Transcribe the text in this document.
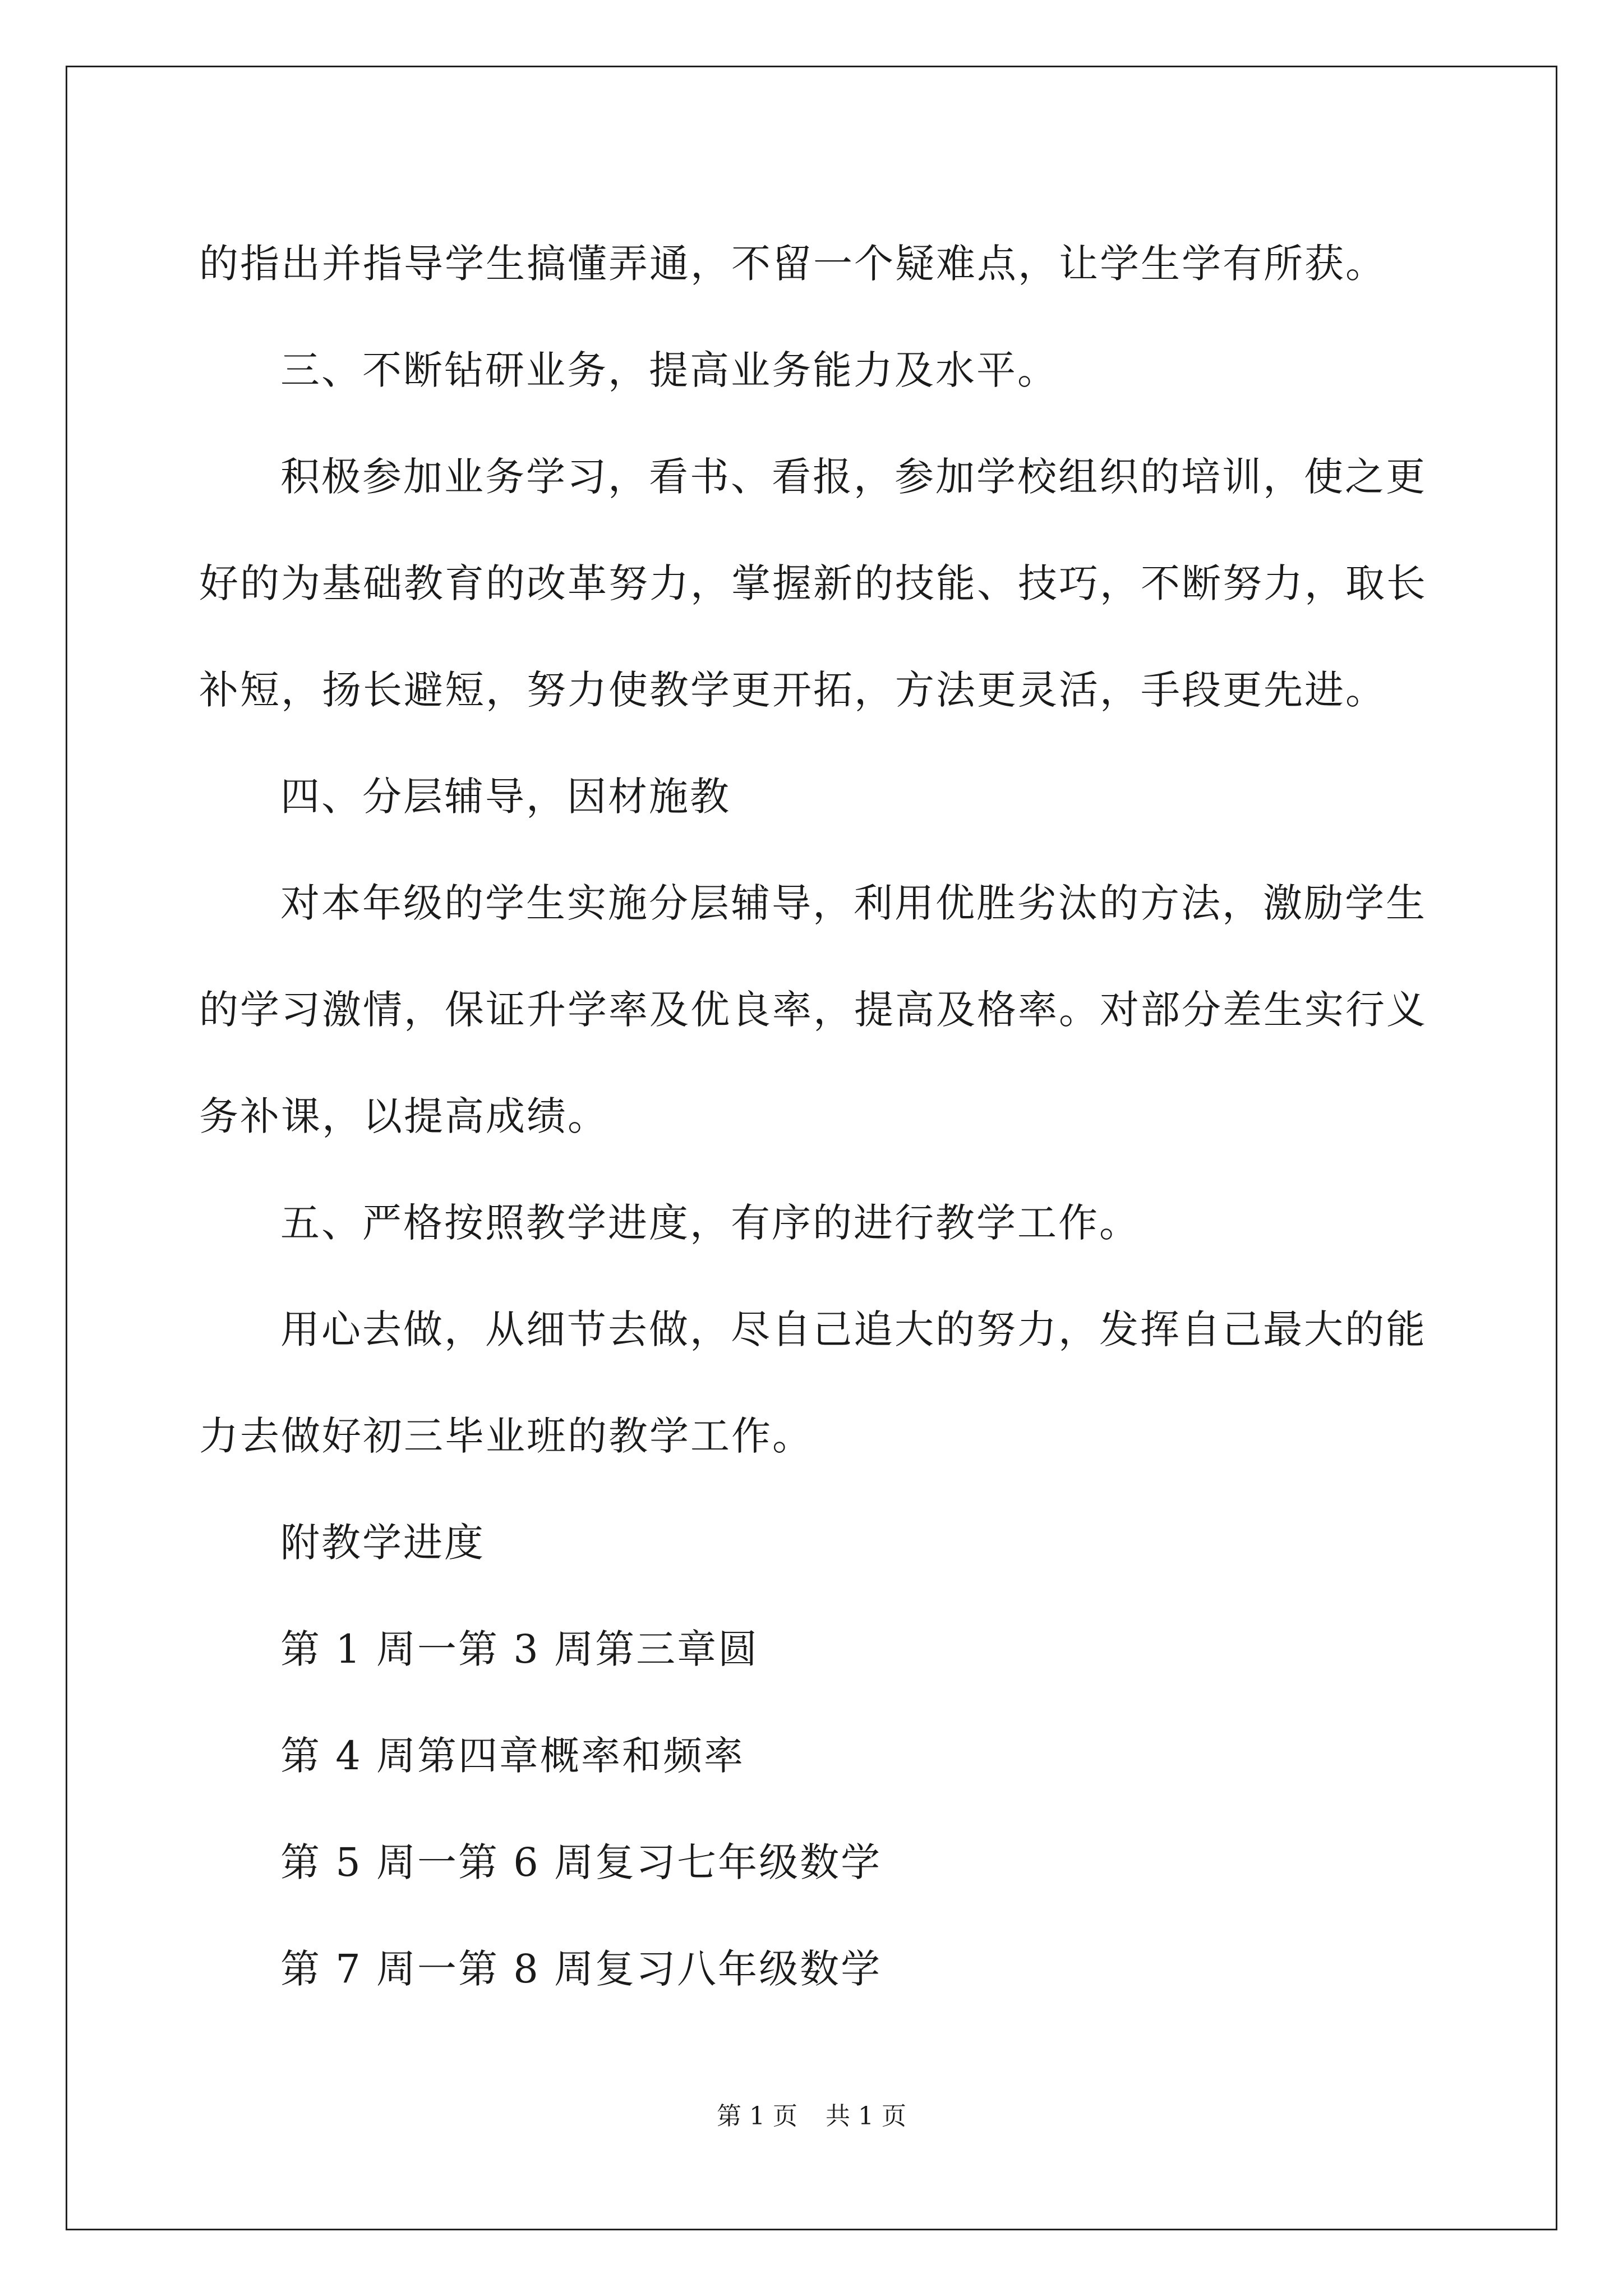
的指出并指导学生搞懂弄通，不留一个疑难点，让学生学有所获。

三、不断钻研业务，提高业务能力及水平。

积极参加业务学习，看书、看报，参加学校组织的培训，使之更

好的为基础教育的改革努力，掌握新的技能、技巧，不断努力，取长

补短，扬长避短，努力使教学更开拓，方法更灵活，手段更先进。

四、分层辅导，因材施教

对本年级的学生实施分层辅导，利用优胜劣汰的方法，激励学生

的学习激情，保证升学率及优良率，提高及格率。对部分差生实行义

务补课，以提高成绩。

五、严格按照教学进度，有序的进行教学工作。

用心去做，从细节去做，尽自己追大的努力，发挥自己最大的能

力去做好初三毕业班的教学工作。

附教学进度

第 1 周一第 3 周第三章圆

第 4 周第四章概率和频率

第 5 周一第 6 周复习七年级数学

第 7 周一第 8 周复习八年级数学

第 1 页 共 1 页
